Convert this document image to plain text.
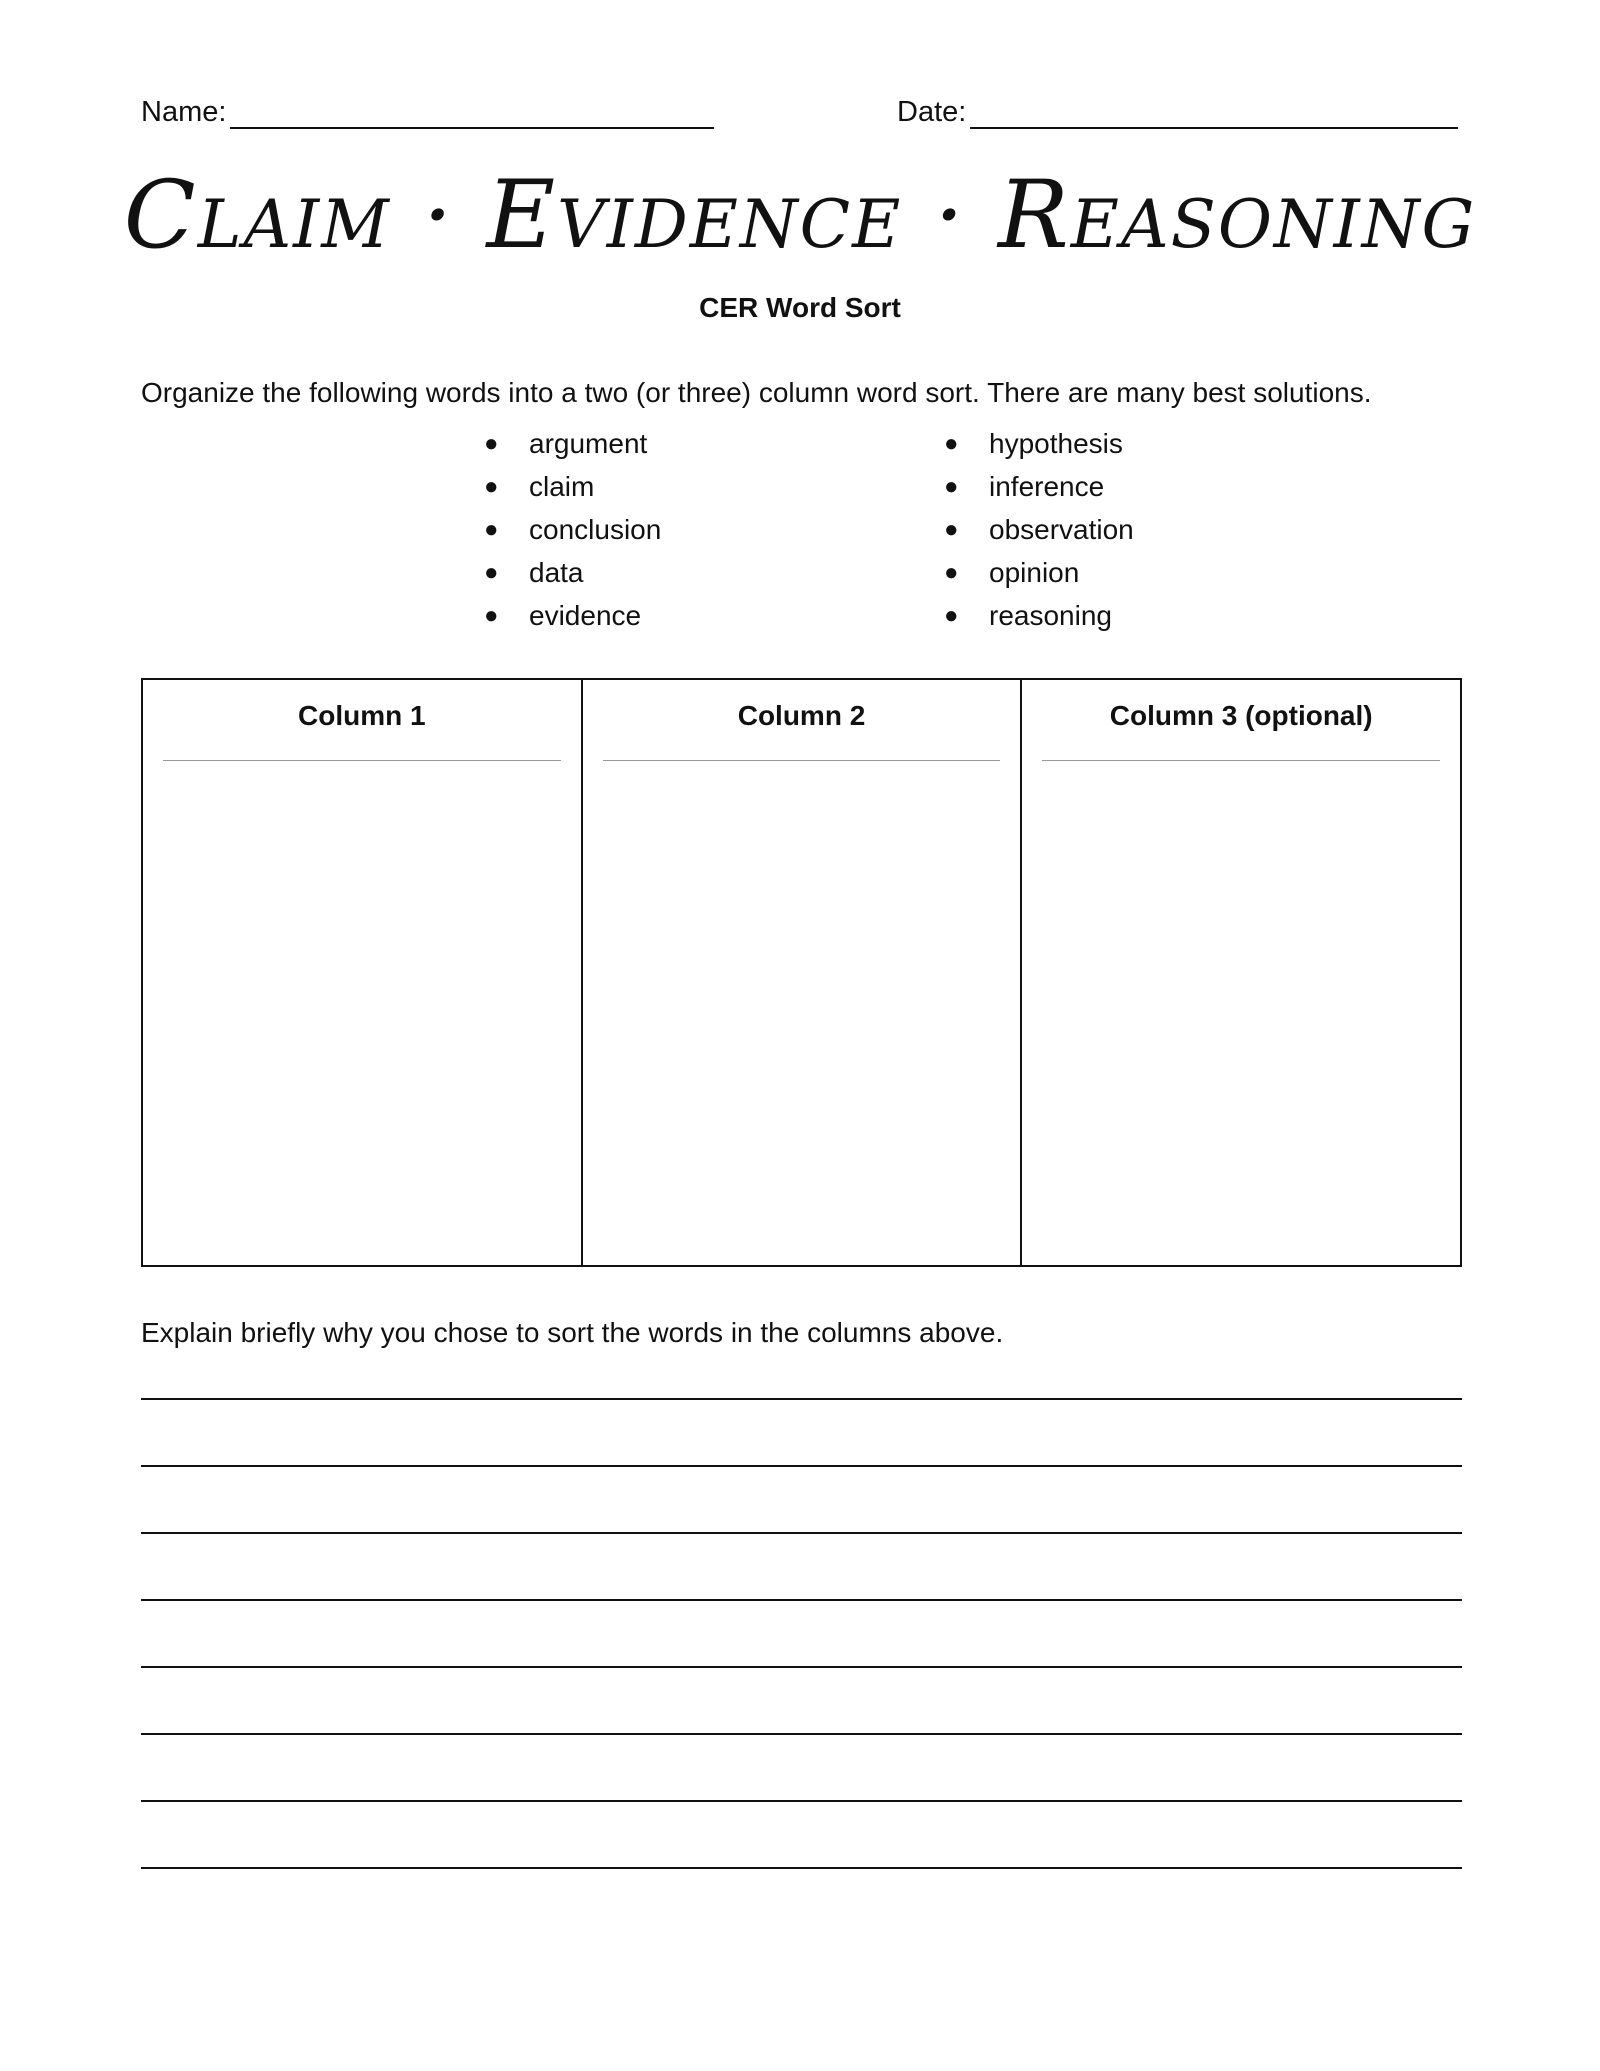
Name:	Date:
Claim · Evidence · Reasoning
CER Word Sort
Organize the following words into a two (or three) column word sort. There are many best solutions.
●	argument
●	claim
●	conclusion
●	data
●	evidence
●	hypothesis
●	inference
●	observation
●	opinion
●	reasoning
Column 1	Column 2	Column 3 (optional)
Explain briefly why you chose to sort the words in the columns above.
